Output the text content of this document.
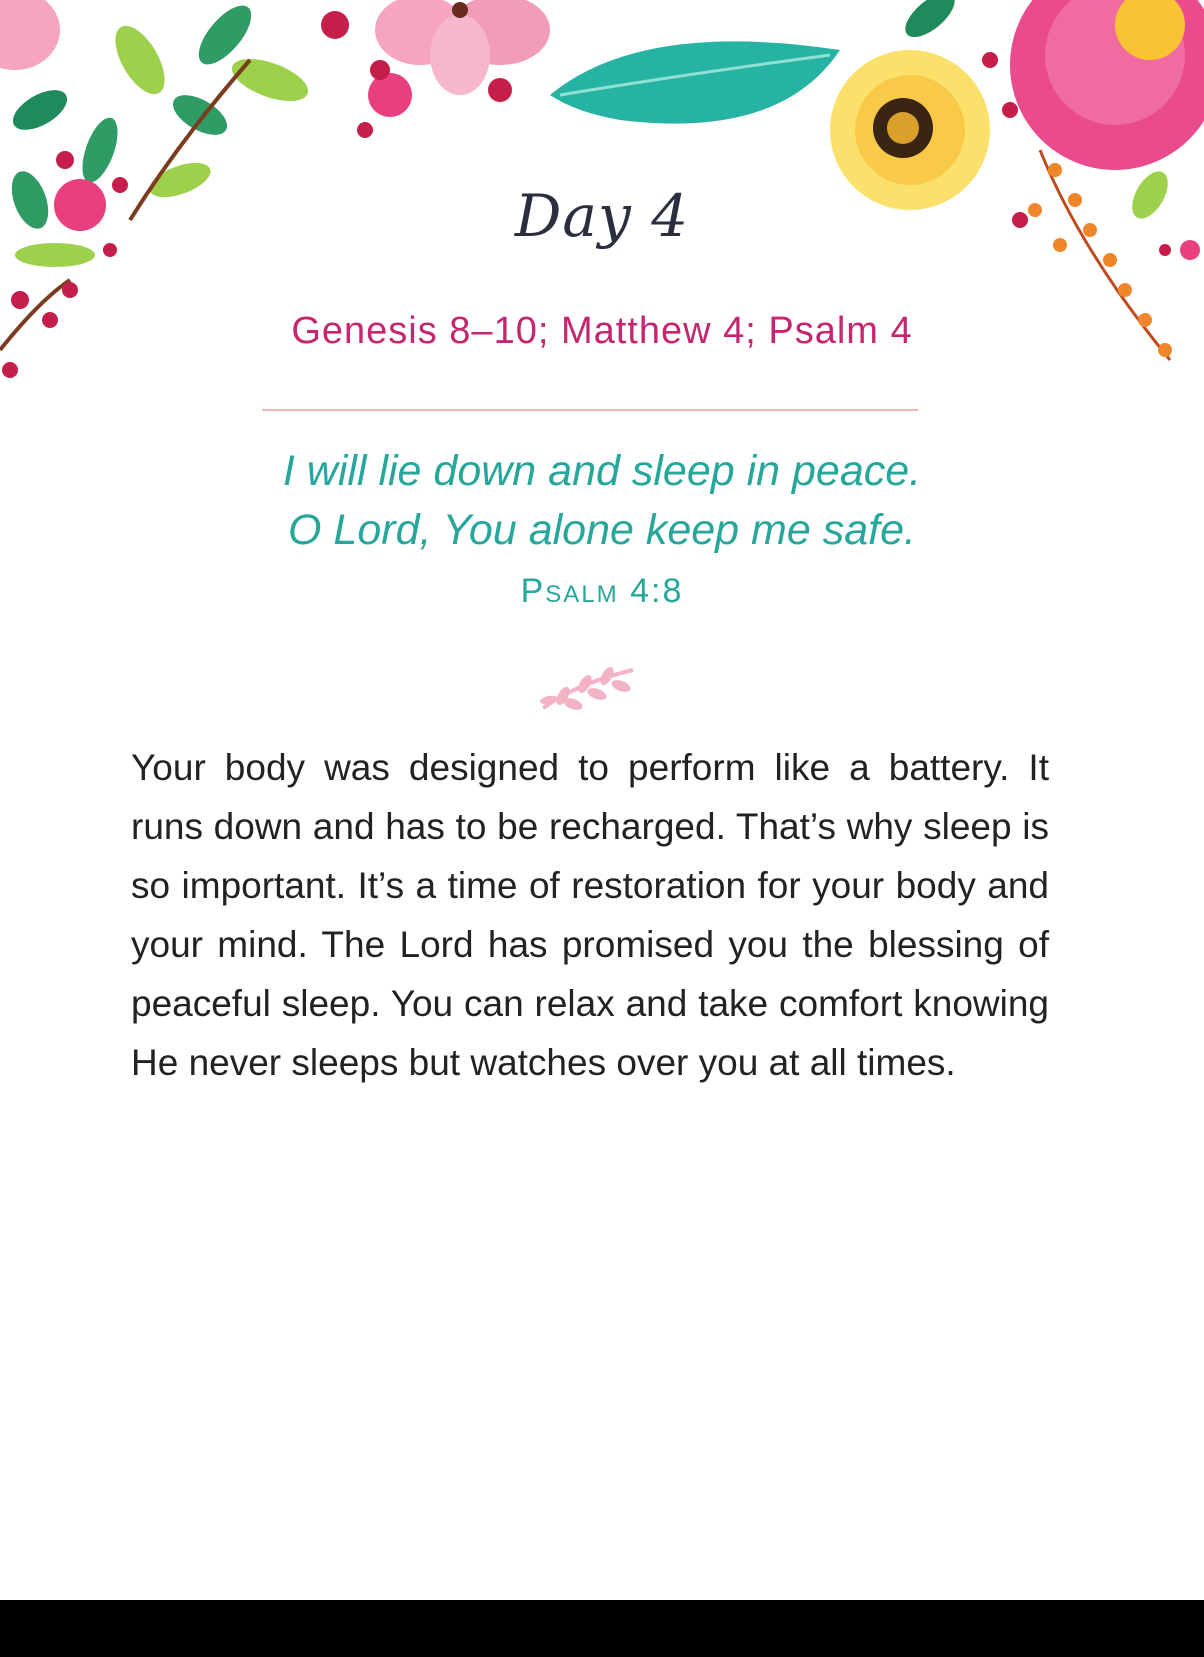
Day 4
Genesis 8–10; Matthew 4; Psalm 4
I will lie down and sleep in peace.
O Lord, You alone keep me safe.
Psalm 4:8
Your body was designed to perform like a battery. It runs down and has to be recharged. That’s why sleep is so important. It’s a time of restoration for your body and your mind. The Lord has promised you the blessing of peaceful sleep. You can relax and take comfort knowing He never sleeps but watches over you at all times.
